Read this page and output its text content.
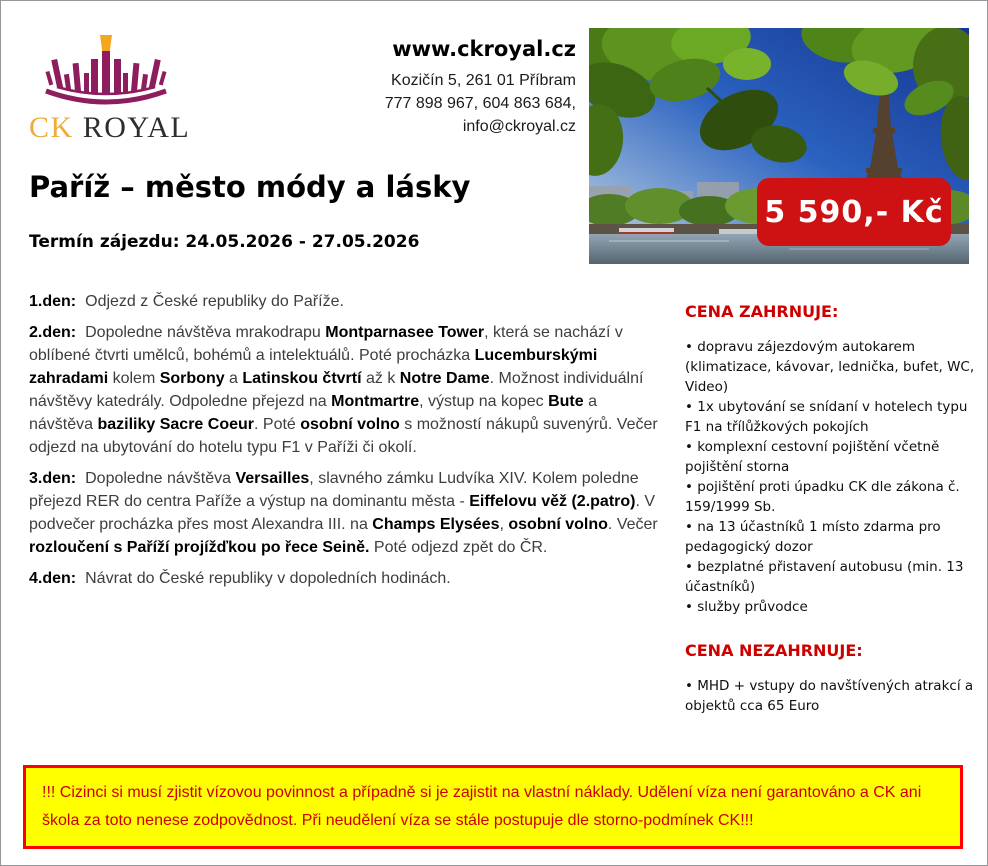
CK ROYAL
www.ckroyal.cz
Kozičín 5, 261 01 Příbram
777 898 967, 604 863 684,
info@ckroyal.cz
5 590,- Kč
Paříž – město módy a lásky
Termín zájezdu: 24.05.2026 - 27.05.2026

1.den: Odjezd z České republiky do Paříže.

2.den: Dopoledne návštěva mrakodrapu Montparnasee Tower, která se nachází v oblíbené čtvrti umělců, bohémů a intelektuálů. Poté procházka Lucemburskými zahradami kolem Sorbony a Latinskou čtvrtí až k Notre Dame. Možnost individuální návštěvy katedrály. Odpoledne přejezd na Montmartre, výstup na kopec Bute a návštěva baziliky Sacre Coeur. Poté osobní volno s možností nákupů suvenýrů. Večer odjezd na ubytování do hotelu typu F1 v Paříži či okolí.

3.den: Dopoledne návštěva Versailles, slavného zámku Ludvíka XIV. Kolem poledne přejezd RER do centra Paříže a výstup na dominantu města - Eiffelovu věž (2.patro). V podvečer procházka přes most Alexandra III. na Champs Elysées, osobní volno. Večer rozloučení s Paříží projížďkou po řece Seině. Poté odjezd zpět do ČR.

4.den: Návrat do České republiky v dopoledních hodinách.

CENA ZAHRNUJE:
• dopravu zájezdovým autokarem (klimatizace, kávovar, lednička, bufet, WC, Video)
• 1x ubytování se snídaní v hotelech typu F1 na třílůžkových pokojích
• komplexní cestovní pojištění včetně pojištění storna
• pojištění proti úpadku CK dle zákona č. 159/1999 Sb.
• na 13 účastníků 1 místo zdarma pro pedagogický dozor
• bezplatné přistavení autobusu (min. 13 účastníků)
• služby průvodce
CENA NEZAHRNUJE:
• MHD + vstupy do navštívených atrakcí a objektů cca 65 Euro
!!! Cizinci si musí zjistit vízovou povinnost a případně si je zajistit na vlastní náklady. Udělení víza není garantováno a CK ani škola za toto nenese zodpovědnost. Při neudělení víza se stále postupuje dle storno-podmínek CK!!!
